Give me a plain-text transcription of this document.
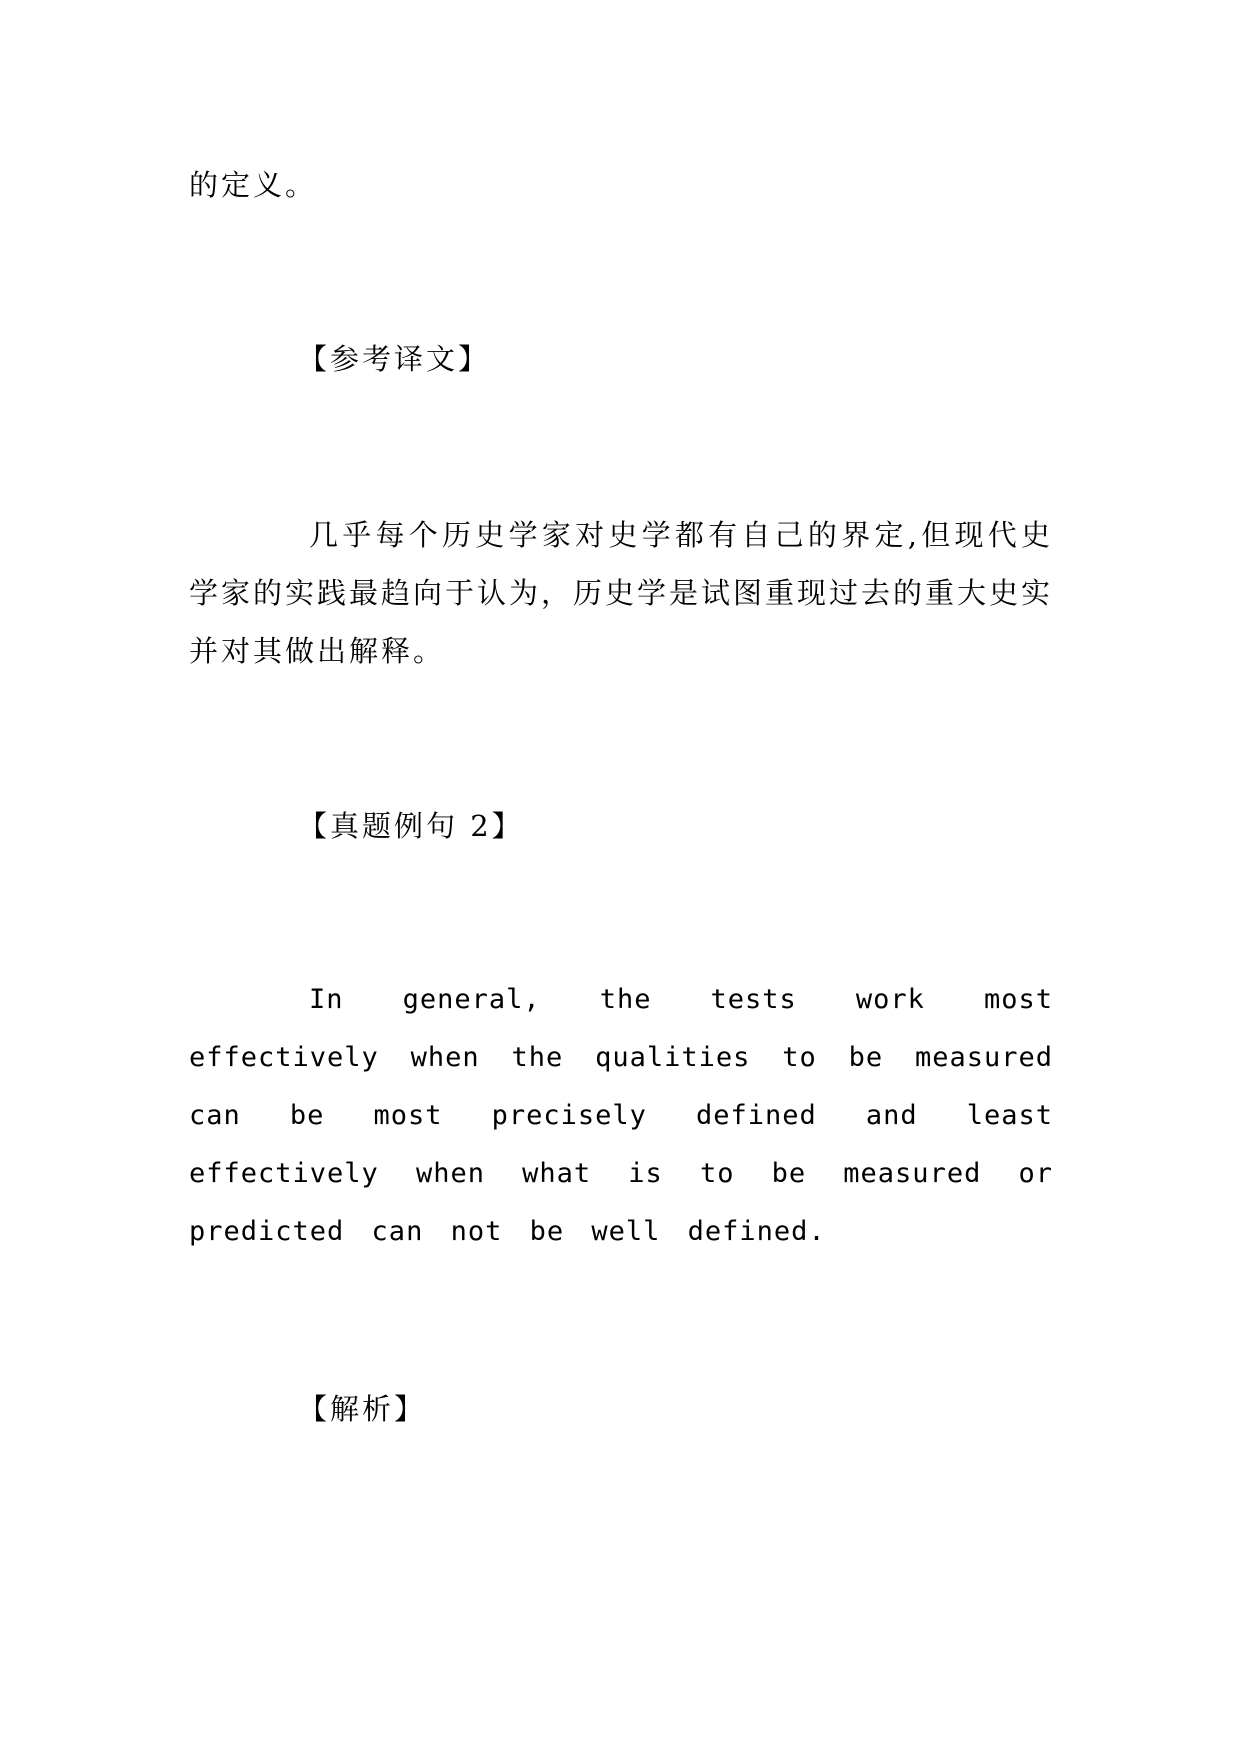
的定义。

【参考译文】

几乎每个历史学家对史学都有自己的界定,但现代史学家的实践最趋向于认为，历史学是试图重现过去的重大史实并对其做出解释。

【真题例句 2】

In general, the tests work most effectively when the qualities to be measured can be most precisely defined and least effectively when what is to be measured or predicted can not be well defined.

【解析】
